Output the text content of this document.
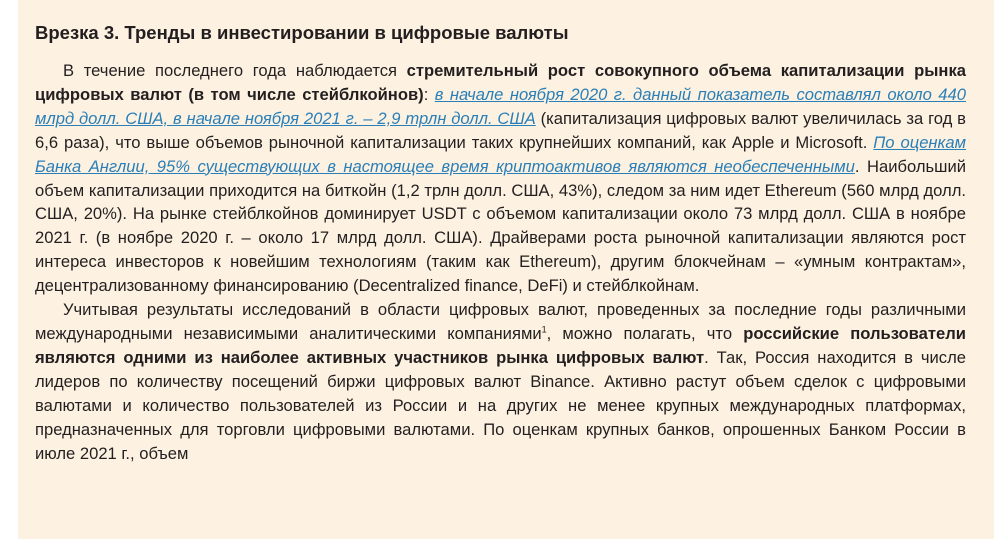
Врезка 3. Тренды в инвестировании в цифровые валюты

В течение последнего года наблюдается стремительный рост совокупного объема капитализации рынка цифровых валют (в том числе стейблкойнов): в начале ноября 2020 г. данный показатель составлял около 440 млрд долл. США, в начале ноября 2021 г. – 2,9 трлн долл. США (капитализация цифровых валют увеличилась за год в 6,6 раза), что выше объемов рыночной капитализации таких крупнейших компаний, как Apple и Microsoft. По оценкам Банка Англии, 95% существующих в настоящее время криптоактивов являются необеспеченными. Наибольший объем капитализации приходится на биткойн (1,2 трлн долл. США, 43%), следом за ним идет Ethereum (560 млрд долл. США, 20%). На рынке стейблкойнов доминирует USDT с объемом капитализации около 73 млрд долл. США в ноябре 2021 г. (в ноябре 2020 г. – около 17 млрд долл. США). Драйверами роста рыночной капитализации являются рост интереса инвесторов к новейшим технологиям (таким как Ethereum), другим блокчейнам – «умным контрактам», децентрализованному финансированию (Decentralized finance, DeFi) и стейблкойнам.

Учитывая результаты исследований в области цифровых валют, проведенных за последние годы различными международными независимыми аналитическими компаниями$^1$, можно полагать, что российские пользователи являются одними из наиболее активных участников рынка цифровых валют. Так, Россия находится в числе лидеров по количеству посещений биржи цифровых валют Binance. Активно растут объем сделок с цифровыми валютами и количество пользователей из России и на других не менее крупных международных платформах, предназначенных для торговли цифровыми валютами. По оценкам крупных банков, опрошенных Банком России в июле 2021 г., объем
